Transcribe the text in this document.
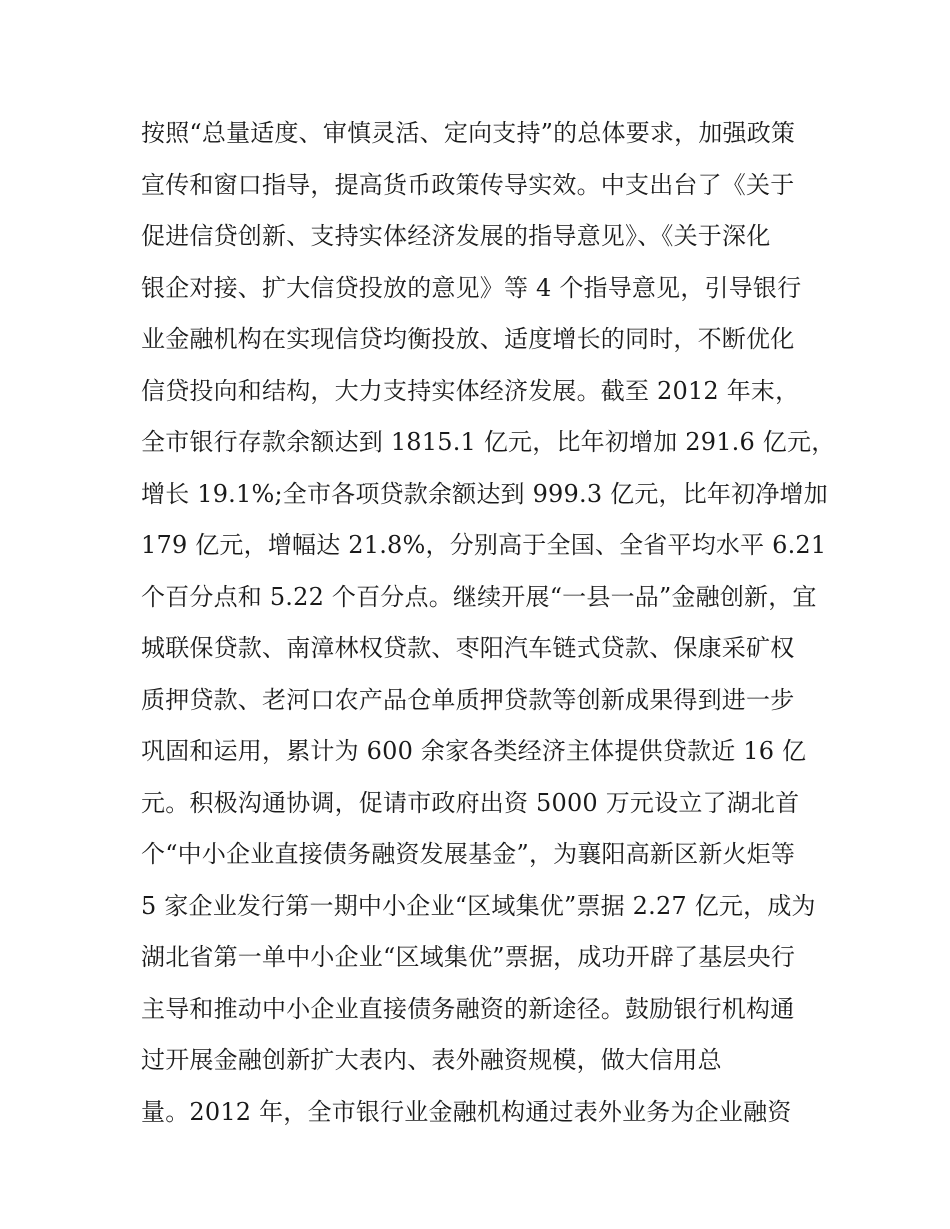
按照“总量适度、审慎灵活、定向支持”的总体要求，加强政策
宣传和窗口指导，提高货币政策传导实效。中支出台了《关于
促进信贷创新、支持实体经济发展的指导意见》、《关于深化
银企对接、扩大信贷投放的意见》等 4 个指导意见，引导银行
业金融机构在实现信贷均衡投放、适度增长的同时，不断优化
信贷投向和结构，大力支持实体经济发展。截至 2012 年末，
全市银行存款余额达到 1815.1 亿元，比年初增加 291.6 亿元，
增长 19.1%;全市各项贷款余额达到 999.3 亿元，比年初净增加
179 亿元，增幅达 21.8%，分别高于全国、全省平均水平 6.21
个百分点和 5.22 个百分点。继续开展“一县一品”金融创新，宜
城联保贷款、南漳林权贷款、枣阳汽车链式贷款、保康采矿权
质押贷款、老河口农产品仓单质押贷款等创新成果得到进一步
巩固和运用，累计为 600 余家各类经济主体提供贷款近 16 亿
元。积极沟通协调，促请市政府出资 5000 万元设立了湖北首
个“中小企业直接债务融资发展基金”，为襄阳高新区新火炬等
5 家企业发行第一期中小企业“区域集优”票据 2.27 亿元，成为
湖北省第一单中小企业“区域集优”票据，成功开辟了基层央行
主导和推动中小企业直接债务融资的新途径。鼓励银行机构通
过开展金融创新扩大表内、表外融资规模，做大信用总
量。2012 年，全市银行业金融机构通过表外业务为企业融资
